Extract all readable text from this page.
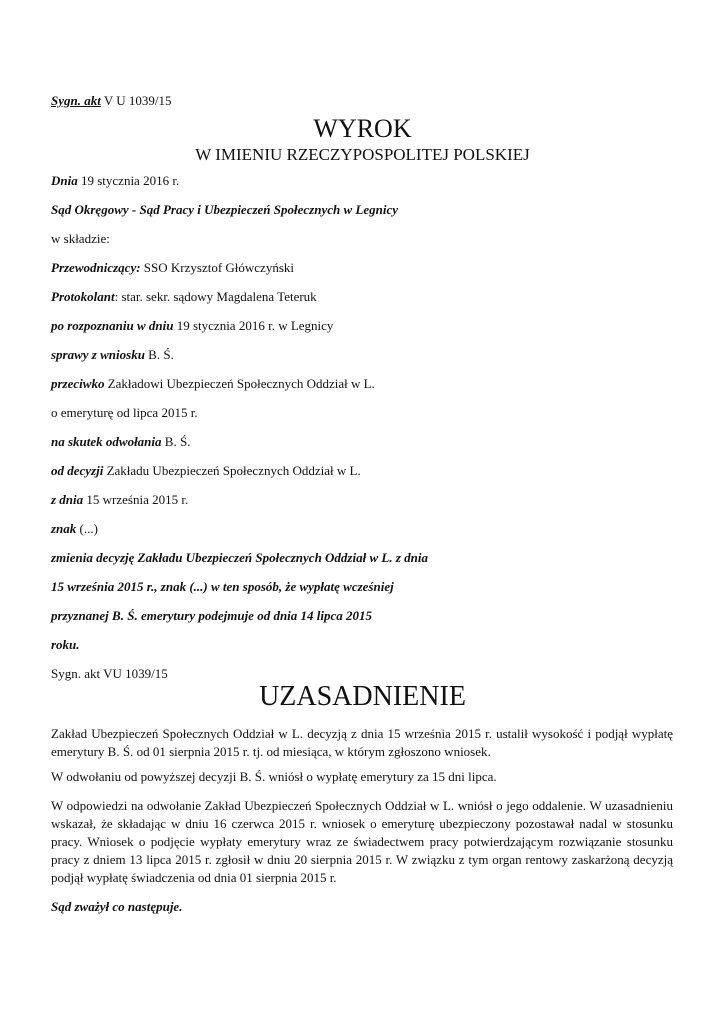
Sygn. akt V U 1039/15
WYROK
W IMIENIU RZECZYPOSPOLITEJ POLSKIEJ
Dnia 19 stycznia 2016 r.
Sąd Okręgowy - Sąd Pracy i Ubezpieczeń Społecznych w Legnicy
w składzie:
Przewodniczący: SSO Krzysztof Główczyński
Protokolant: star. sekr. sądowy Magdalena Teteruk
po rozpoznaniu w dniu 19 stycznia 2016 r. w Legnicy
sprawy z wniosku B. Ś.
przeciwko Zakładowi Ubezpieczeń Społecznych Oddział w L.
o emeryturę od lipca 2015 r.
na skutek odwołania B. Ś.
od decyzji Zakładu Ubezpieczeń Społecznych Oddział w L.
z dnia 15 września 2015 r.
znak (...)
zmienia decyzję Zakładu Ubezpieczeń Społecznych Oddział w L. z dnia
15 września 2015 r., znak (...) w ten sposób, że wypłatę wcześniej
przyznanej B. Ś. emerytury podejmuje od dnia 14 lipca 2015
roku.
Sygn. akt VU 1039/15
UZASADNIENIE
Zakład Ubezpieczeń Społecznych Oddział w L. decyzją z dnia 15 września 2015 r. ustalił wysokość i podjął wypłatę emerytury B. Ś. od 01 sierpnia 2015 r. tj. od miesiąca, w którym zgłoszono wniosek.
W odwołaniu od powyższej decyzji B. Ś. wniósł o wypłatę emerytury za 15 dni lipca.
W odpowiedzi na odwołanie Zakład Ubezpieczeń Społecznych Oddział w L. wniósł o jego oddalenie. W uzasadnieniu wskazał, że składając w dniu 16 czerwca 2015 r. wniosek o emeryturę ubezpieczony pozostawał nadal w stosunku pracy. Wniosek o podjęcie wypłaty emerytury wraz ze świadectwem pracy potwierdzającym rozwiązanie stosunku pracy z dniem 13 lipca 2015 r. zgłosił w dniu 20 sierpnia 2015 r. W związku z tym organ rentowy zaskarżoną decyzją podjął wypłatę świadczenia od dnia 01 sierpnia 2015 r.
Sąd zważył co następuje.
